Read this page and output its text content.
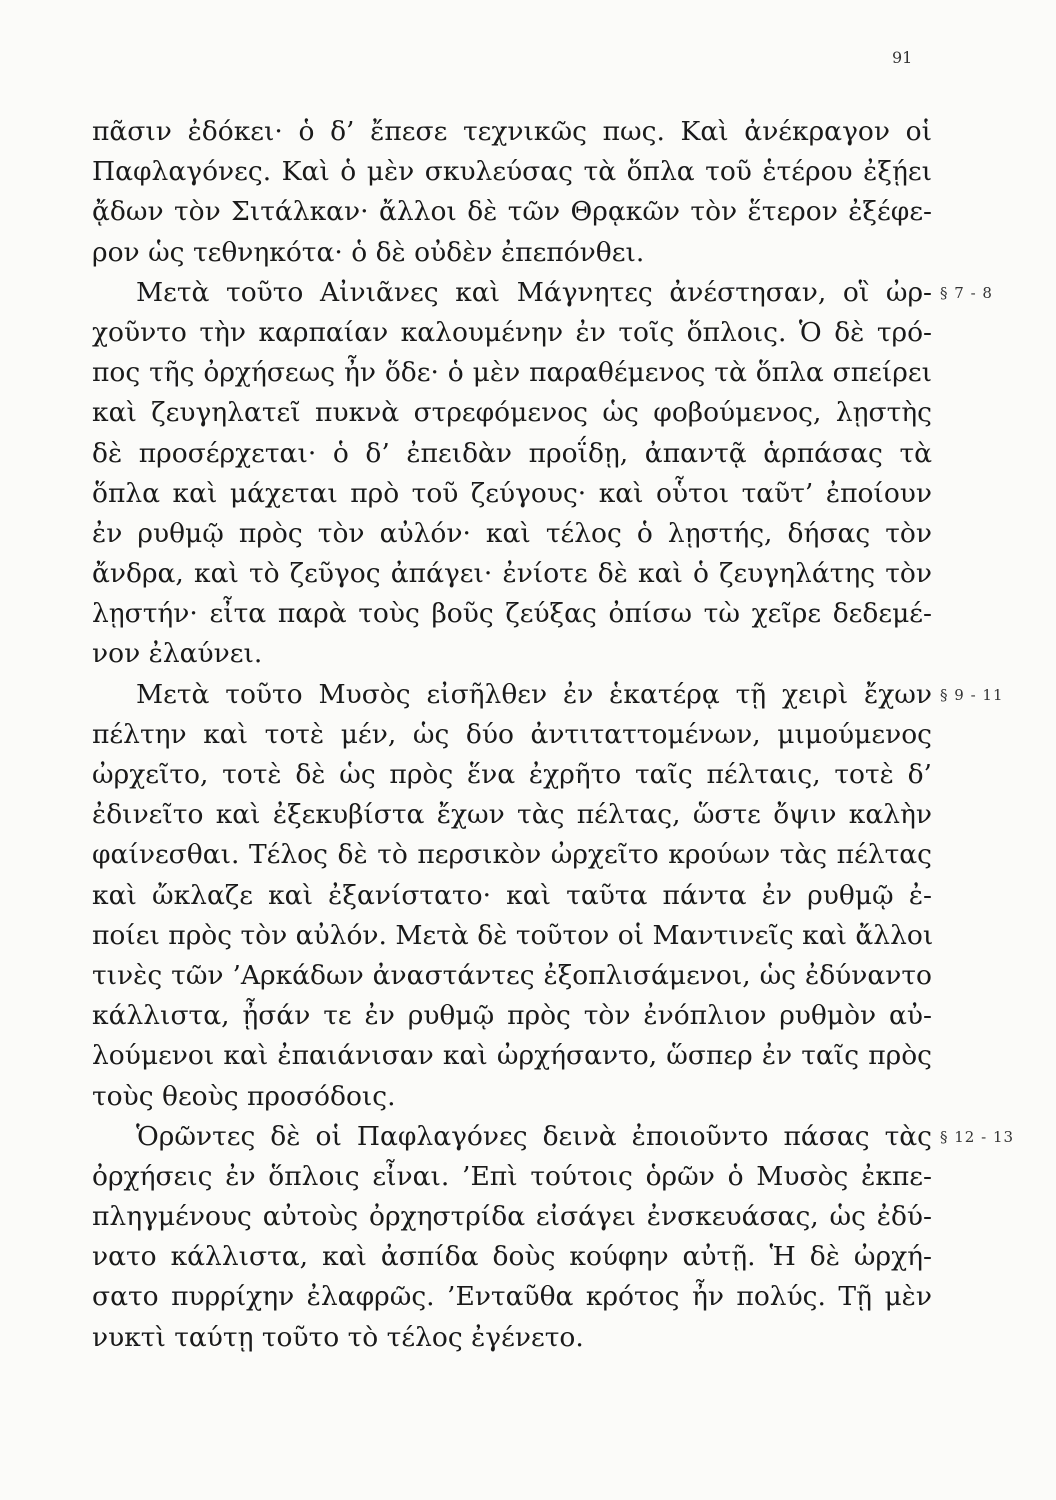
91
πᾶσιν ἐδόκει· ὁ δ’ ἔπεσε τεχνικῶς πως. Καὶ ἀνέκραγον οἱ
Παφλαγόνες. Καὶ ὁ μὲν σκυλεύσας τὰ ὅπλα τοῦ ἑτέρου ἐξῄει
ᾄδων τὸν Σιτάλκαν· ἄλλοι δὲ τῶν Θρᾳκῶν τὸν ἕτερον ἐξέφε-
ρον ὡς τεθνηκότα· ὁ δὲ οὐδὲν ἐπεπόνθει.
Μετὰ τοῦτο Αἰνιᾶνες καὶ Μάγνητες ἀνέστησαν, οἳ ὠρ- § 7 - 8
χοῦντο τὴν καρπαίαν καλουμένην ἐν τοῖς ὅπλοις. Ὁ δὲ τρό-
πος τῆς ὀρχήσεως ἦν ὅδε· ὁ μὲν παραθέμενος τὰ ὅπλα σπείρει
καὶ ζευγηλατεῖ πυκνὰ στρεφόμενος ὡς φοβούμενος, λῃστὴς
δὲ προσέρχεται· ὁ δ’ ἐπειδὰν προΐδῃ, ἀπαντᾷ ἁρπάσας τὰ
ὅπλα καὶ μάχεται πρὸ τοῦ ζεύγους· καὶ οὗτοι ταῦτ’ ἐποίουν
ἐν ρυθμῷ πρὸς τὸν αὐλόν· καὶ τέλος ὁ λῃστής, δήσας τὸν
ἄνδρα, καὶ τὸ ζεῦγος ἀπάγει· ἐνίοτε δὲ καὶ ὁ ζευγηλάτης τὸν
λῃστήν· εἶτα παρὰ τοὺς βοῦς ζεύξας ὀπίσω τὼ χεῖρε δεδεμέ-
νον ἐλαύνει.
Μετὰ τοῦτο Μυσὸς εἰσῆλθεν ἐν ἑκατέρᾳ τῇ χειρὶ ἔχων § 9 - 11
πέλτην καὶ τοτὲ μέν, ὡς δύο ἀντιταττομένων, μιμούμενος
ὠρχεῖτο, τοτὲ δὲ ὡς πρὸς ἕνα ἐχρῆτο ταῖς πέλταις, τοτὲ δ’
ἐδινεῖτο καὶ ἐξεκυβίστα ἔχων τὰς πέλτας, ὥστε ὄψιν καλὴν
φαίνεσθαι. Τέλος δὲ τὸ περσικὸν ὠρχεῖτο κρούων τὰς πέλτας
καὶ ὤκλαζε καὶ ἐξανίστατο· καὶ ταῦτα πάντα ἐν ρυθμῷ ἐ-
ποίει πρὸς τὸν αὐλόν. Μετὰ δὲ τοῦτον οἱ Μαντινεῖς καὶ ἄλλοι
τινὲς τῶν ’Αρκάδων ἀναστάντες ἐξοπλισάμενοι, ὡς ἐδύναντο
κάλλιστα, ᾖσάν τε ἐν ρυθμῷ πρὸς τὸν ἐνόπλιον ρυθμὸν αὐ-
λούμενοι καὶ ἐπαιάνισαν καὶ ὠρχήσαντο, ὥσπερ ἐν ταῖς πρὸς
τοὺς θεοὺς προσόδοις.
Ὁρῶντες δὲ οἱ Παφλαγόνες δεινὰ ἐποιοῦντο πάσας τὰς § 12 - 13
ὀρχήσεις ἐν ὅπλοις εἶναι. ’Επὶ τούτοις ὁρῶν ὁ Μυσὸς ἐκπε-
πληγμένους αὐτοὺς ὀρχηστρίδα εἰσάγει ἐνσκευάσας, ὡς ἐδύ-
νατο κάλλιστα, καὶ ἀσπίδα δοὺς κούφην αὐτῇ. Ἡ δὲ ὠρχή-
σατο πυρρίχην ἐλαφρῶς. ’Ενταῦθα κρότος ἦν πολύς. Τῇ μὲν
νυκτὶ ταύτῃ τοῦτο τὸ τέλος ἐγένετο.
